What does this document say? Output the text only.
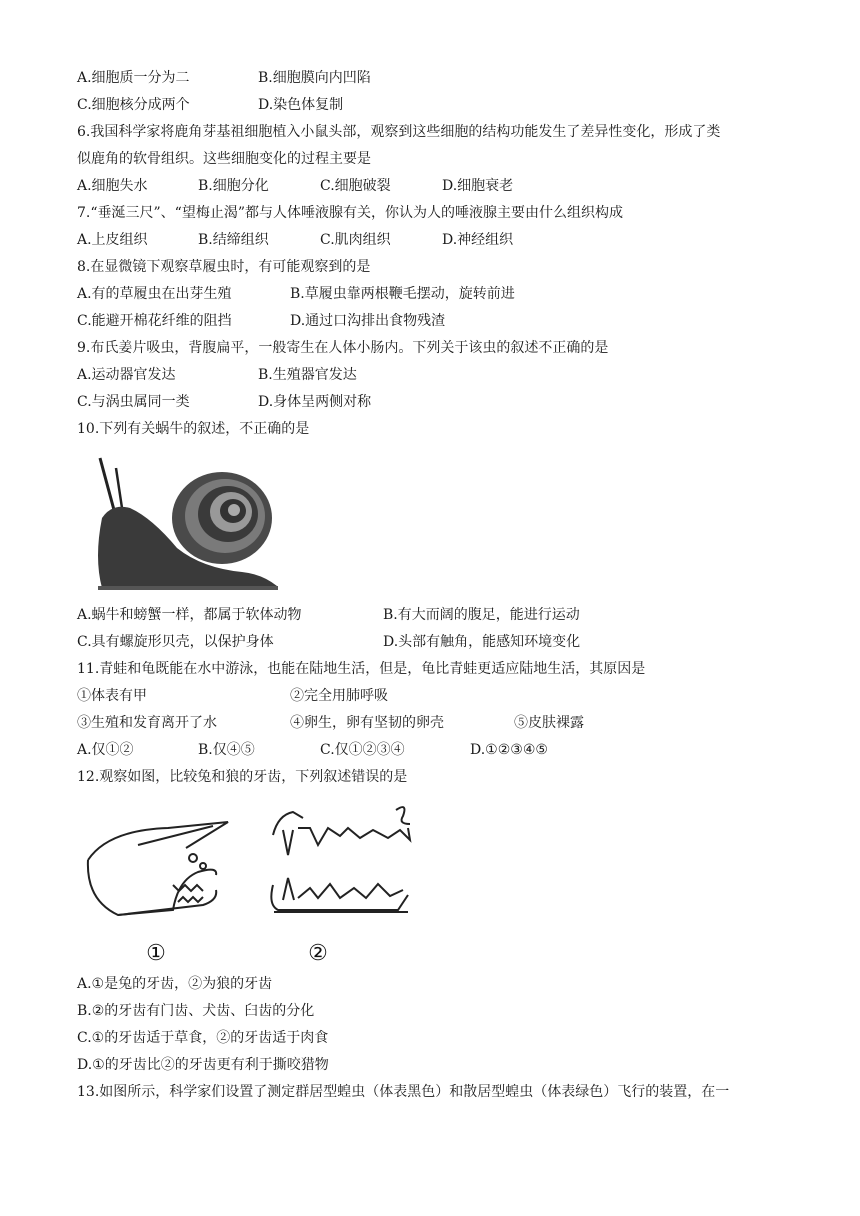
A.细胞质一分为二	B.细胞膜向内凹陷
C.细胞核分成两个	D.染色体复制
6.我国科学家将鹿角芽基祖细胞植入小鼠头部，观察到这些细胞的结构功能发生了差异性变化，形成了类
似鹿角的软骨组织。这些细胞变化的过程主要是
A.细胞失水	B.细胞分化	C.细胞破裂	D.细胞衰老
7.“垂涎三尺”、“望梅止渴”都与人体唾液腺有关，你认为人的唾液腺主要由什么组织构成
A.上皮组织	B.结缔组织	C.肌肉组织	D.神经组织
8.在显微镜下观察草履虫时，有可能观察到的是
A.有的草履虫在出芽生殖	B.草履虫靠两根鞭毛摆动，旋转前进
C.能避开棉花纤维的阻挡	D.通过口沟排出食物残渣
9.布氏姜片吸虫，背腹扁平，一般寄生在人体小肠内。下列关于该虫的叙述不正确的是
A.运动器官发达	B.生殖器官发达
C.与涡虫属同一类	D.身体呈两侧对称
10.下列有关蜗牛的叙述，不正确的是
A.蜗牛和螃蟹一样，都属于软体动物	B.有大而阔的腹足，能进行运动
C.具有螺旋形贝壳，以保护身体	D.头部有触角，能感知环境变化
11.青蛙和龟既能在水中游泳，也能在陆地生活，但是，龟比青蛙更适应陆地生活，其原因是
①体表有甲	②完全用肺呼吸
③生殖和发育离开了水	④卵生，卵有坚韧的卵壳	⑤皮肤裸露
A.仅①②	B.仅④⑤	C.仅①②③④	D.①②③④⑤
12.观察如图，比较兔和狼的牙齿，下列叙述错误的是
①	②
A.①是兔的牙齿，②为狼的牙齿
B.②的牙齿有门齿、犬齿、臼齿的分化
C.①的牙齿适于草食，②的牙齿适于肉食
D.①的牙齿比②的牙齿更有利于撕咬猎物
13.如图所示，科学家们设置了测定群居型蝗虫（体表黑色）和散居型蝗虫（体表绿色）飞行的装置，在一
